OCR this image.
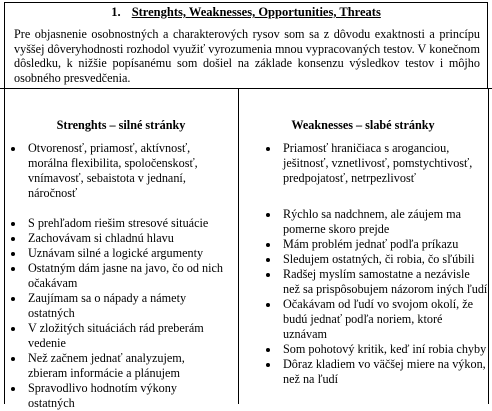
1. Strenghts, Weaknesses, Opportunities, Threats
Pre objasnenie osobnostných a charakterových rysov som sa z dôvodu exaktnosti a princípu vyššej dôveryhodnosti rozhodol využiť vyrozumenia mnou vypracovaných testov. V konečnom dôsledku, k nižšie popísanému som došiel na základe konsenzu výsledkov testov i môjho osobného presvedčenia.
Strenghts – silné stránky	Weaknesses – slabé stránky
Otvorenosť, priamosť, aktívnosť, morálna flexibilita, spoločenskosť, vnímavosť, sebaistota v jednaní, náročnosť
S prehľadom riešim stresové situácie
Zachovávam si chladnú hlavu
Uznávam silné a logické argumenty
Ostatným dám jasne na javo, čo od nich očakávam
Zaujímam sa o nápady a námety ostatných
V zložitých situáciách rád preberám vedenie
Než začnem jednať analyzujem, zbieram informácie a plánujem
Spravodlivo hodnotím výkony ostatných
Priamosť hraničiaca s aroganciou, ješitnosť, vznetlivosť, pomstychtivosť, predpojatosť, netrpezlivosť
Rýchlo sa nadchnem, ale záujem ma pomerne skoro prejde
Mám problém jednať podľa príkazu
Sledujem ostatných, či robia, čo sľúbili
Radšej myslím samostatne a nezávisle než sa prispôsobujem názorom iných ľudí
Očakávam od ľudí vo svojom okolí, že budú jednať podľa noriem, ktoré uznávam
Som pohotový kritik, keď iní robia chyby
Dôraz kladiem vo väčšej miere na výkon, než na ľudí
